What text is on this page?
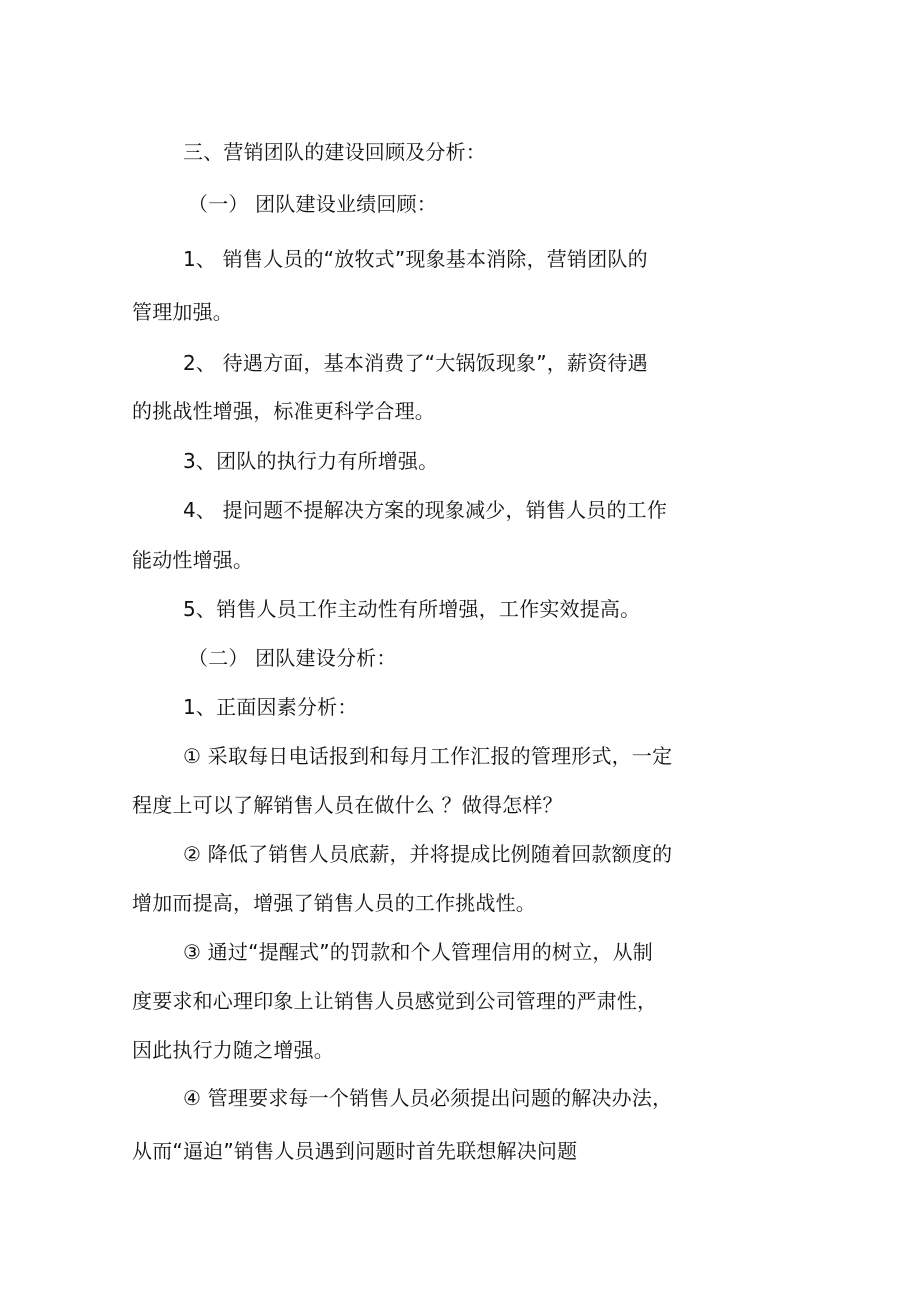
三、营销团队的建设回顾及分析：
（一） 团队建设业绩回顾：
1、 销售人员的“放牧式”现象基本消除，营销团队的
管理加强。
2、 待遇方面，基本消费了“大锅饭现象”，薪资待遇
的挑战性增强，标准更科学合理。
3、团队的执行力有所增强。
4、 提问题不提解决方案的现象减少，销售人员的工作
能动性增强。
5、销售人员工作主动性有所增强，工作实效提高。
（二） 团队建设分析：
1、正面因素分析：
① 采取每日电话报到和每月工作汇报的管理形式，一定
程度上可以了解销售人员在做什么 ？做得怎样？
② 降低了销售人员底薪，并将提成比例随着回款额度的
增加而提高，增强了销售人员的工作挑战性。
③ 通过“提醒式”的罚款和个人管理信用的树立，从制
度要求和心理印象上让销售人员感觉到公司管理的严肃性，
因此执行力随之增强。
④ 管理要求每一个销售人员必须提出问题的解决办法，
从而“逼迫”销售人员遇到问题时首先联想解决问题
